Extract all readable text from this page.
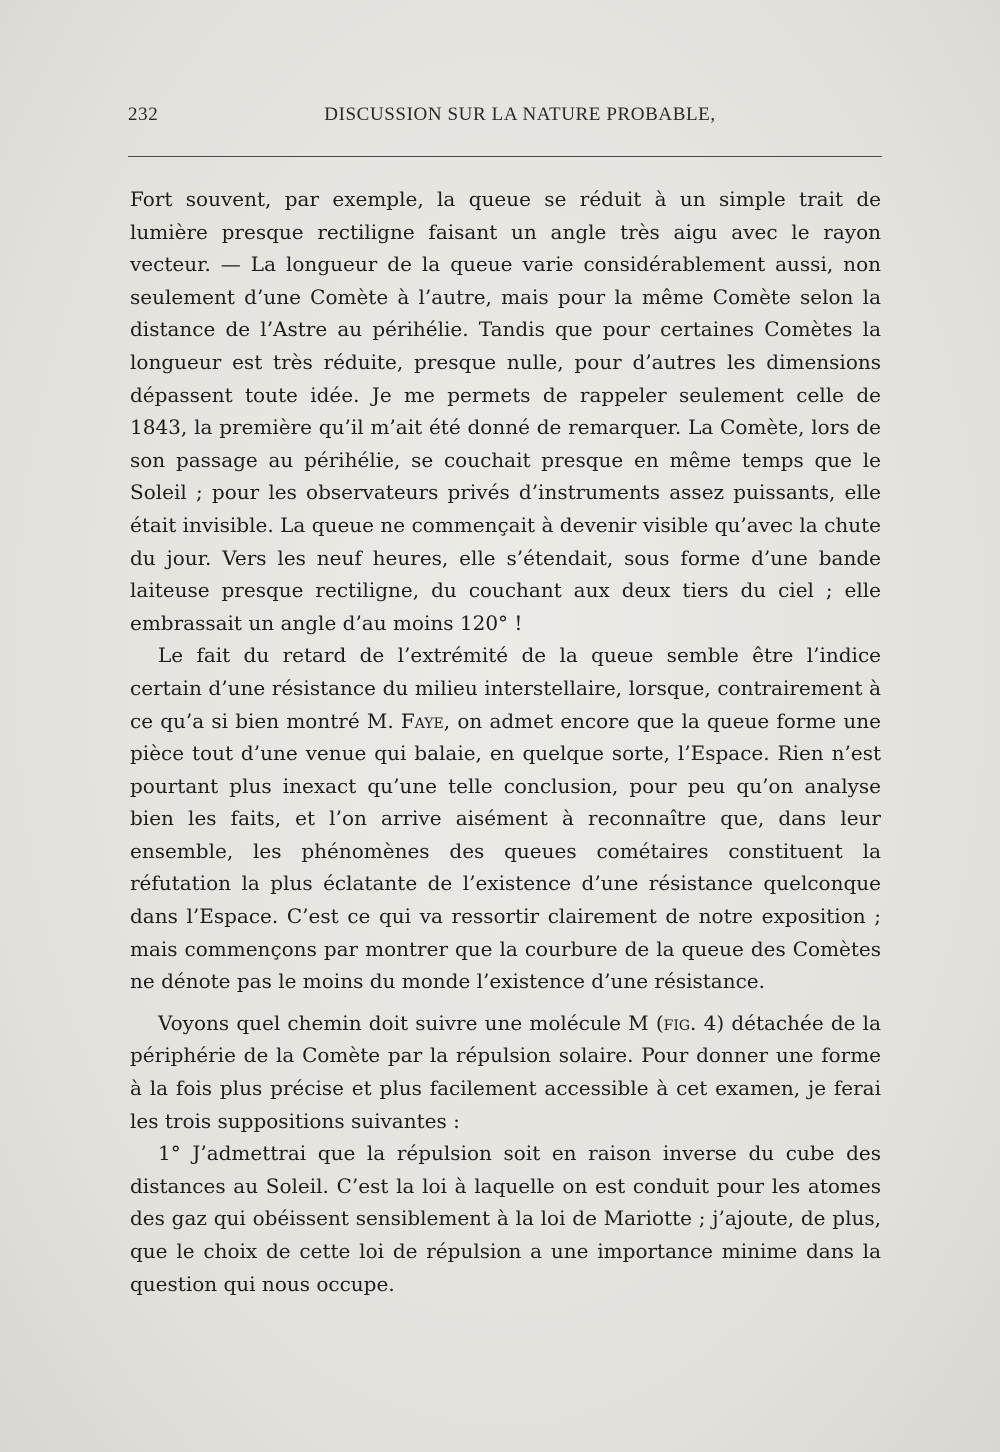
232	DISCUSSION SUR LA NATURE PROBABLE,

Fort souvent, par exemple, la queue se réduit à un simple trait de lumière presque rectiligne faisant un angle très aigu avec le rayon vecteur. — La longueur de la queue varie considérablement aussi, non seulement d’une Comète à l’autre, mais pour la même Comète selon la distance de l’Astre au périhélie. Tandis que pour certaines Comètes la longueur est très réduite, presque nulle, pour d’autres les dimensions dépassent toute idée. Je me permets de rappeler seulement celle de 1843, la première qu’il m’ait été donné de remarquer. La Comète, lors de son passage au périhélie, se couchait presque en même temps que le Soleil ; pour les observateurs privés d’instruments assez puissants, elle était invisible. La queue ne commençait à devenir visible qu’avec la chute du jour. Vers les neuf heures, elle s’étendait, sous forme d’une bande laiteuse presque rectiligne, du couchant aux deux tiers du ciel ; elle embrassait un angle d’au moins 120° !

Le fait du retard de l’extrémité de la queue semble être l’indice certain d’une résistance du milieu interstellaire, lorsque, contrairement à ce qu’a si bien montré M. Faye, on admet encore que la queue forme une pièce tout d’une venue qui balaie, en quelque sorte, l’Espace. Rien n’est pourtant plus inexact qu’une telle conclusion, pour peu qu’on analyse bien les faits, et l’on arrive aisément à reconnaître que, dans leur ensemble, les phénomènes des queues cométaires constituent la réfutation la plus éclatante de l’existence d’une résistance quelconque dans l’Espace. C’est ce qui va ressortir clairement de notre exposition ; mais commençons par montrer que la courbure de la queue des Comètes ne dénote pas le moins du monde l’existence d’une résistance.

Voyons quel chemin doit suivre une molécule M (fig. 4) détachée de la périphérie de la Comète par la répulsion solaire. Pour donner une forme à la fois plus précise et plus facilement accessible à cet examen, je ferai les trois suppositions suivantes :

1° J’admettrai que la répulsion soit en raison inverse du cube des distances au Soleil. C’est la loi à laquelle on est conduit pour les atomes des gaz qui obéissent sensiblement à la loi de Mariotte ; j’ajoute, de plus, que le choix de cette loi de répulsion a une importance minime dans la question qui nous occupe.
